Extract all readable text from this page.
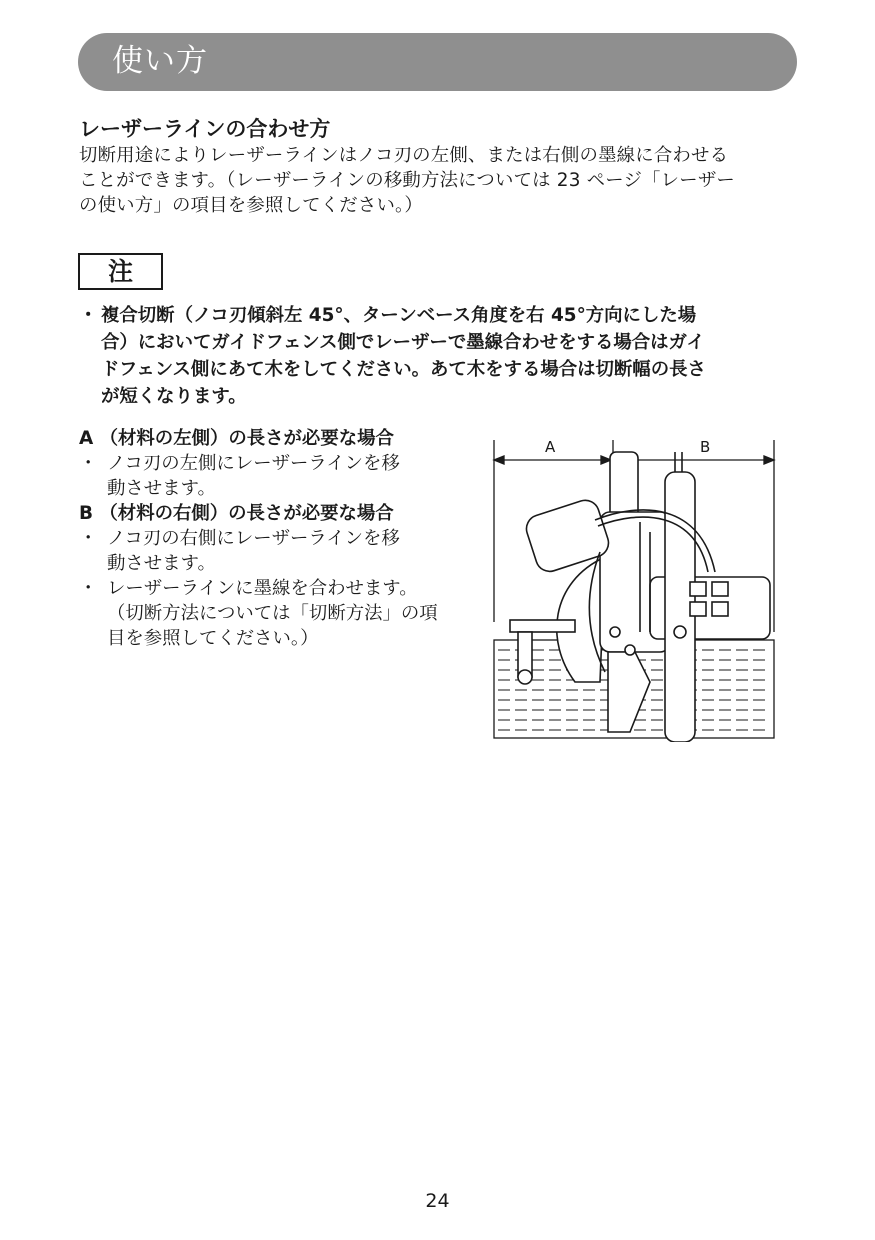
使い方
レーザーラインの合わせ方

切断用途によりレーザーラインはノコ刃の左側、または右側の墨線に合わせる

ことができます。（レーザーラインの移動方法については 23 ページ「レーザー

の使い方」の項目を参照してください。）

注
・ 複合切断（ノコ刃傾斜左 45°、ターンベース角度を右 45°方向にした場
合）においてガイドフェンス側でレーザーで墨線合わせをする場合はガイ
ドフェンス側にあて木をしてください。あて木をする場合は切断幅の長さ
が短くなります。
A （材料の左側）の長さが必要な場合
・ ノコ刃の左側にレーザーラインを移
動させます。
B （材料の右側）の長さが必要な場合
・ ノコ刃の右側にレーザーラインを移
動させます。
・ レーザーラインに墨線を合わせます。
（切断方法については「切断方法」の項
目を参照してください。）
A	B
24
